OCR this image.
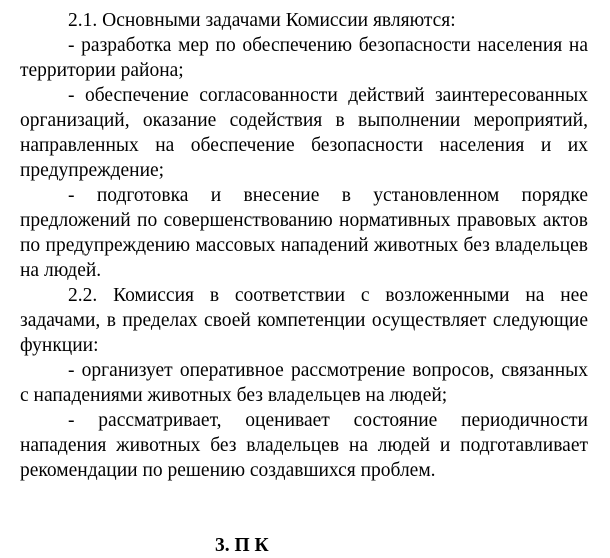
2.1. Основными задачами Комиссии являются:

- разработка мер по обеспечению безопасности населения на территории района;

- обеспечение согласованности действий заинтересованных организаций, оказание содействия в выполнении мероприятий, направленных на обеспечение безопасности населения и их предупреждение;

- подготовка и внесение в установленном порядке предложений по совершенствованию нормативных правовых актов по предупреждению массовых нападений животных без владельцев на людей.

2.2. Комиссия в соответствии с возложенными на нее задачами, в пределах своей компетенции осуществляет следующие функции:

- организует оперативное рассмотрение вопросов, связанных с нападениями животных без владельцев на людей;

- рассматривает, оценивает состояние периодичности нападения животных без владельцев на людей и подготавливает рекомендации по решению создавшихся проблем.

3. П К
